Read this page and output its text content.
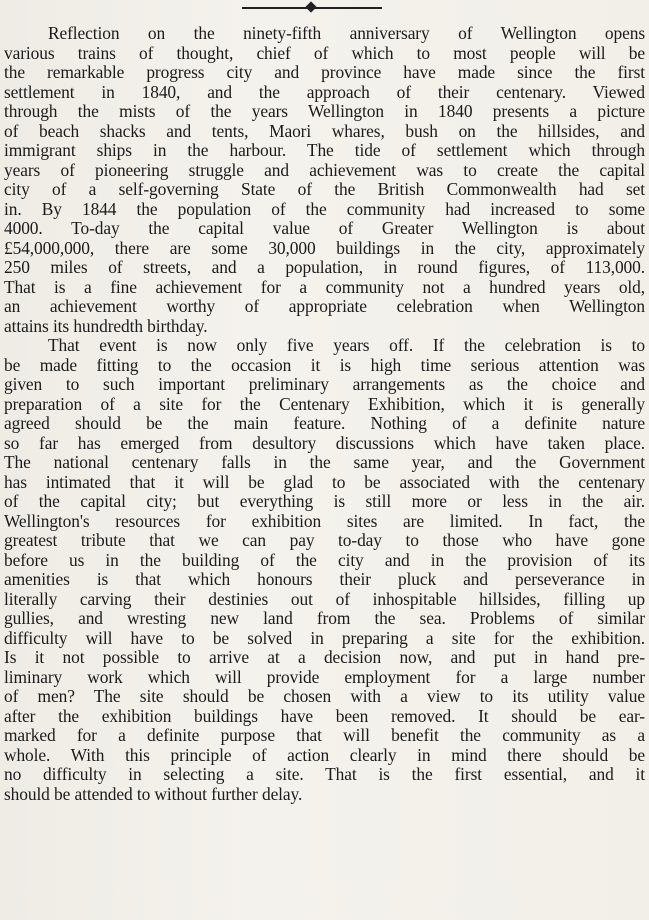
Reflection on the ninety-fifth anniversary of Wellington opens
various trains of thought, chief of which to most people will be
the remarkable progress city and province have made since the first
settlement in 1840, and the approach of their centenary. Viewed
through the mists of the years Wellington in 1840 presents a picture
of beach shacks and tents, Maori whares, bush on the hillsides, and
immigrant ships in the harbour. The tide of settlement which through
years of pioneering struggle and achievement was to create the capital
city of a self-governing State of the British Commonwealth had set
in. By 1844 the population of the community had increased to some
4000. To-day the capital value of Greater Wellington is about
£54,000,000, there are some 30,000 buildings in the city, approximately
250 miles of streets, and a population, in round figures, of 113,000.
That is a fine achievement for a community not a hundred years old,
an achievement worthy of appropriate celebration when Wellington
attains its hundredth birthday.
That event is now only five years off. If the celebration is to
be made fitting to the occasion it is high time serious attention was
given to such important preliminary arrangements as the choice and
preparation of a site for the Centenary Exhibition, which it is generally
agreed should be the main feature. Nothing of a definite nature
so far has emerged from desultory discussions which have taken place.
The national centenary falls in the same year, and the Government
has intimated that it will be glad to be associated with the centenary
of the capital city; but everything is still more or less in the air.
Wellington's resources for exhibition sites are limited. In fact, the
greatest tribute that we can pay to-day to those who have gone
before us in the building of the city and in the provision of its
amenities is that which honours their pluck and perseverance in
literally carving their destinies out of inhospitable hillsides, filling up
gullies, and wresting new land from the sea. Problems of similar
difficulty will have to be solved in preparing a site for the exhibition.
Is it not possible to arrive at a decision now, and put in hand pre-
liminary work which will provide employment for a large number
of men? The site should be chosen with a view to its utility value
after the exhibition buildings have been removed. It should be ear-
marked for a definite purpose that will benefit the community as a
whole. With this principle of action clearly in mind there should be
no difficulty in selecting a site. That is the first essential, and it
should be attended to without further delay.
